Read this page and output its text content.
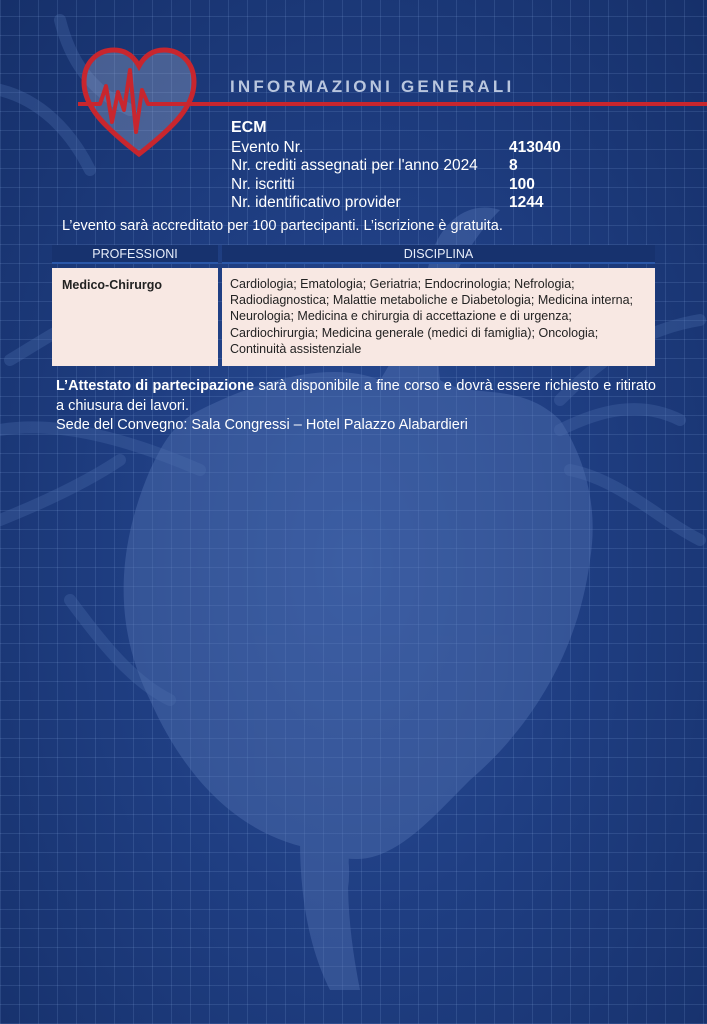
INFORMAZIONI GENERALI
ECM
Evento Nr.	413040
Nr. crediti assegnati per l'anno 2024	8
Nr. iscritti	100
Nr. identificativo provider	1244
L’evento sarà accreditato per 100 partecipanti. L’iscrizione è gratuita.
PROFESSIONI	DISCIPLINA
Medico-Chirurgo	Cardiologia; Ematologia; Geriatria; Endocrinologia; Nefrologia; Radiodiagnostica; Malattie metaboliche e Diabetologia; Medicina interna; Neurologia; Medicina e chirurgia di accettazione e di urgenza; Cardiochirurgia; Medicina generale (medici di famiglia); Oncologia; Continuità assistenziale
L’Attestato di partecipazione sarà disponibile a fine corso e dovrà essere richiesto e ritirato a chiusura dei lavori.
Sede del Convegno: Sala Congressi – Hotel Palazzo Alabardieri
